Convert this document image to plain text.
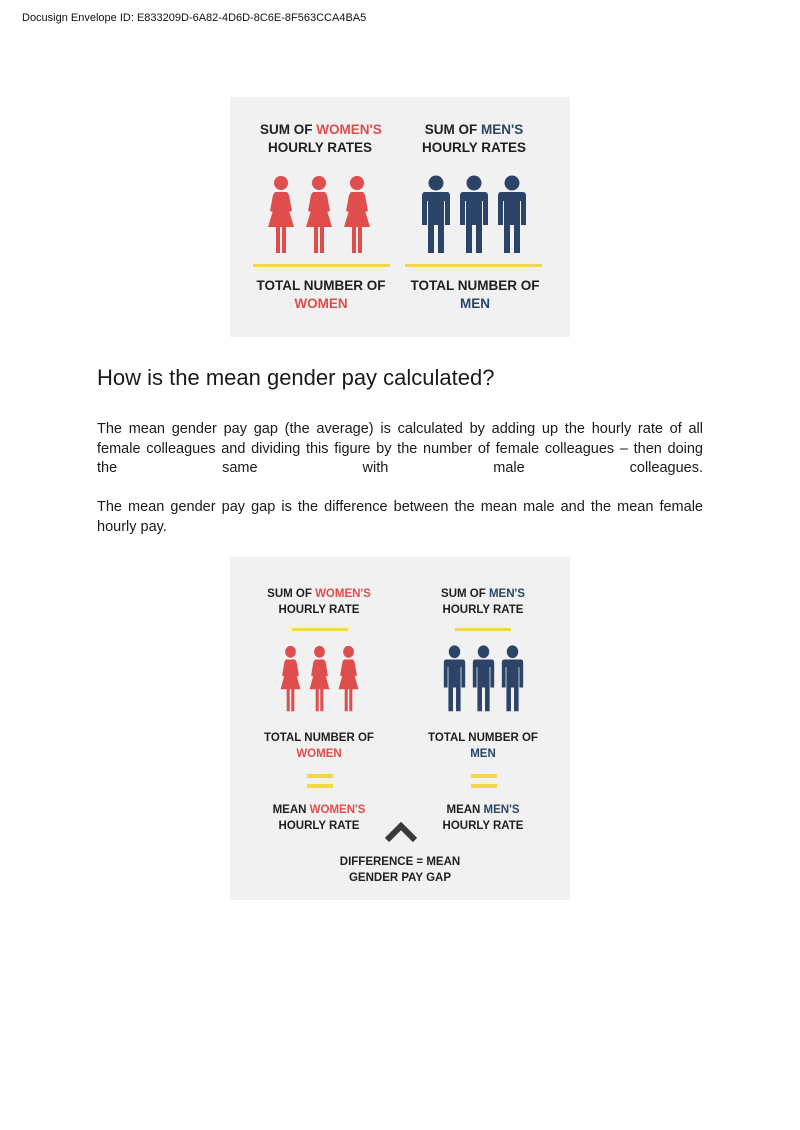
Docusign Envelope ID: E833209D-6A82-4D6D-8C6E-8F563CCA4BA5
SUM OF WOMEN'S
HOURLY RATES
SUM OF MEN'S
HOURLY RATES
TOTAL NUMBER OF
WOMEN
TOTAL NUMBER OF
MEN
How is the mean gender pay calculated?

The mean gender pay gap (the average) is calculated by adding up the hourly rate of all female colleagues and dividing this figure by the number of female colleagues – then doing the same with male colleagues.

The mean gender pay gap is the difference between the mean male and the mean female hourly pay.

SUM OF WOMEN'S
HOURLY RATE
SUM OF MEN'S
HOURLY RATE
TOTAL NUMBER OF
WOMEN
TOTAL NUMBER OF
MEN
MEAN WOMEN'S
HOURLY RATE
MEAN MEN'S
HOURLY RATE
DIFFERENCE = MEAN
GENDER PAY GAP
